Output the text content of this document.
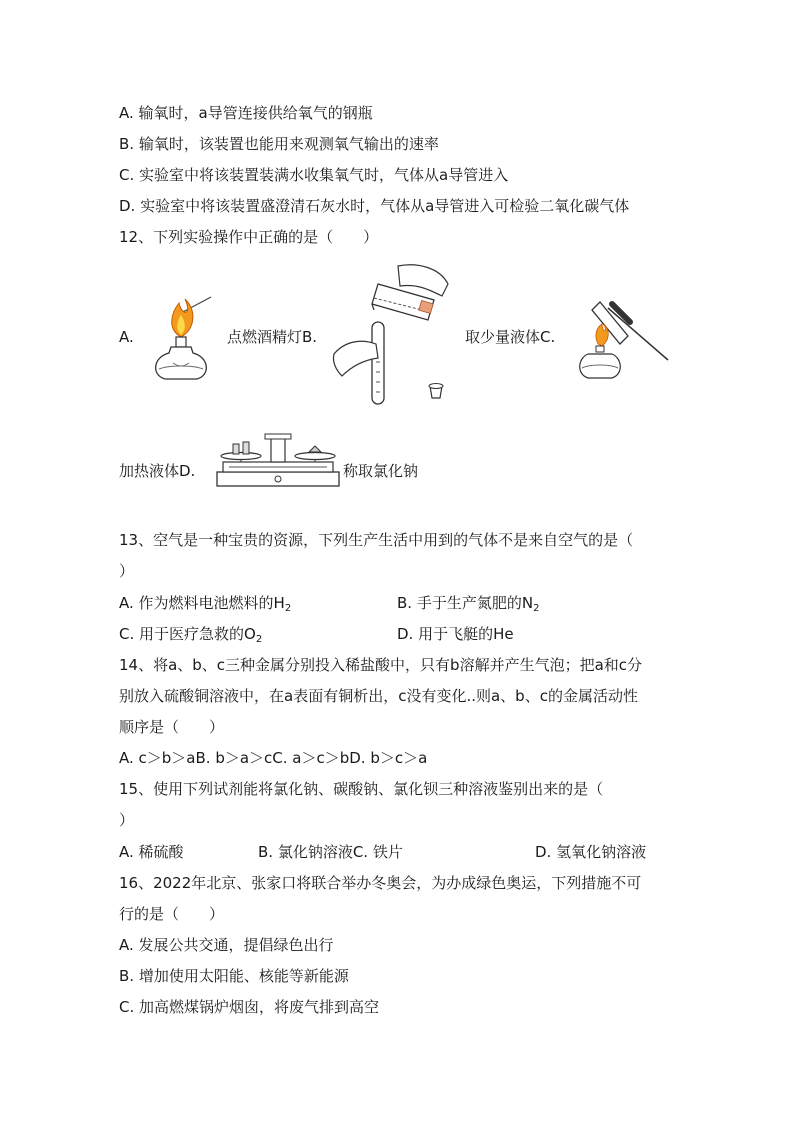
A. 输氧时，a导管连接供给氧气的钢瓶
B. 输氧时，该装置也能用来观测氧气输出的速率
C. 实验室中将该装置装满水收集氧气时，气体从a导管进入
D. 实验室中将该装置盛澄清石灰水时，气体从a导管进入可检验二氧化碳气体
12、下列实验操作中正确的是（　　）
A.	点燃酒精灯B.	取少量液体C.
加热液体D.	称取氯化钠
13、空气是一种宝贵的资源，下列生产生活中用到的气体不是来自空气的是（
）
A. 作为燃料电池燃料的$H_2$	B. 手于生产氮肥的$N_2$
C. 用于医疗急救的$O_2$	D. 用于飞艇的He
14、将a、b、c三种金属分别投入稀盐酸中，只有b溶解并产生气泡；把a和c分
别放入硫酸铜溶液中，在a表面有铜析出，c没有变化..则a、b、c的金属活动性
顺序是（　　）
A. c＞b＞aB. b＞a＞cC. a＞c＞bD. b＞c＞a
15、使用下列试剂能将氯化钠、碳酸钠、氯化钡三种溶液鉴别出来的是（
）
A. 稀硫酸	B. 氯化钠溶液C. 铁片	D. 氢氧化钠溶液
16、2022年北京、张家口将联合举办冬奥会，为办成绿色奥运，下列措施不可
行的是（　　）
A. 发展公共交通，提倡绿色出行
B. 增加使用太阳能、核能等新能源
C. 加高燃煤锅炉烟囱，将废气排到高空
